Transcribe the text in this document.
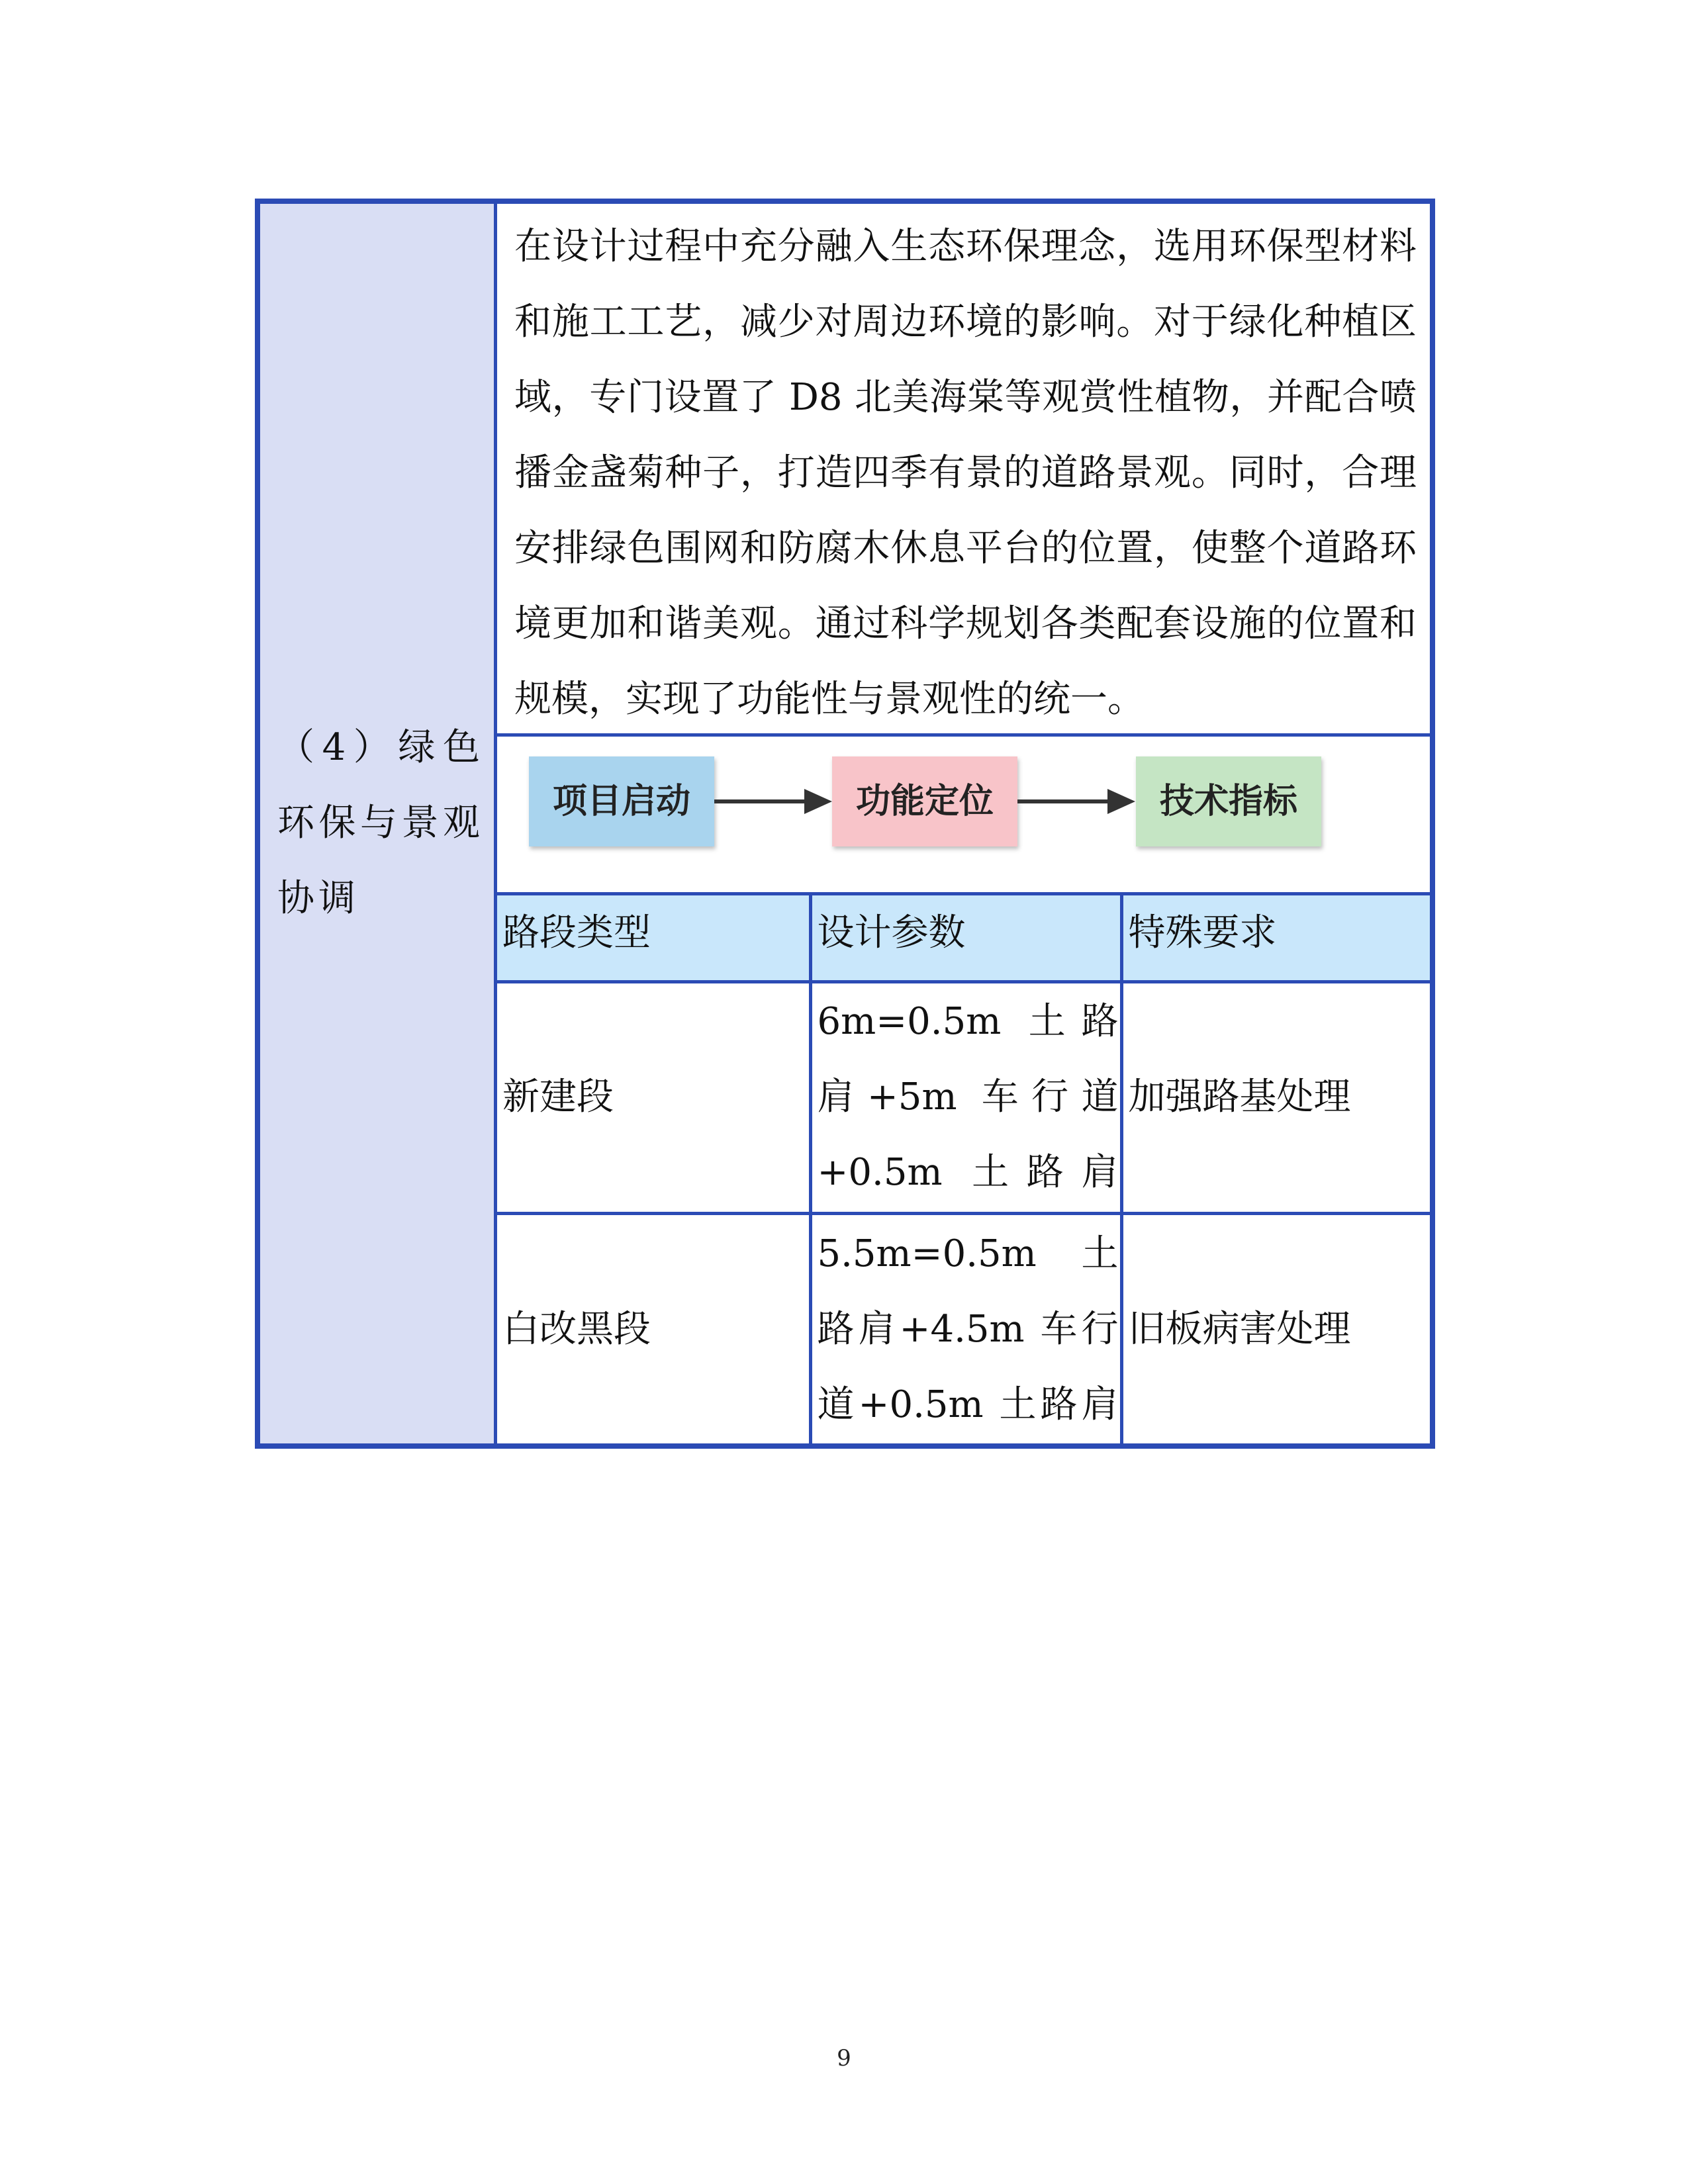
（4）绿色环保与景观协调
在设计过程中充分融入生态环保理念，选用环保型材料和施工工艺，减少对周边环境的影响。对于绿化种植区域，专门设置了 D8 北美海棠等观赏性植物，并配合喷播金盏菊种子，打造四季有景的道路景观。同时，合理安排绿色围网和防腐木休息平台的位置，使整个道路环境更加和谐美观。通过科学规划各类配套设施的位置和规模，实现了功能性与景观性的统一。
项目启动	功能定位	技术指标
路段类型	设计参数	特殊要求
新建段	6m=0.5m 土路肩+5m 车行道+0.5m 土路肩	加强路基处理
白改黑段	5.5m=0.5m 土路肩+4.5m 车行道+0.5m 土路肩	旧板病害处理
9
